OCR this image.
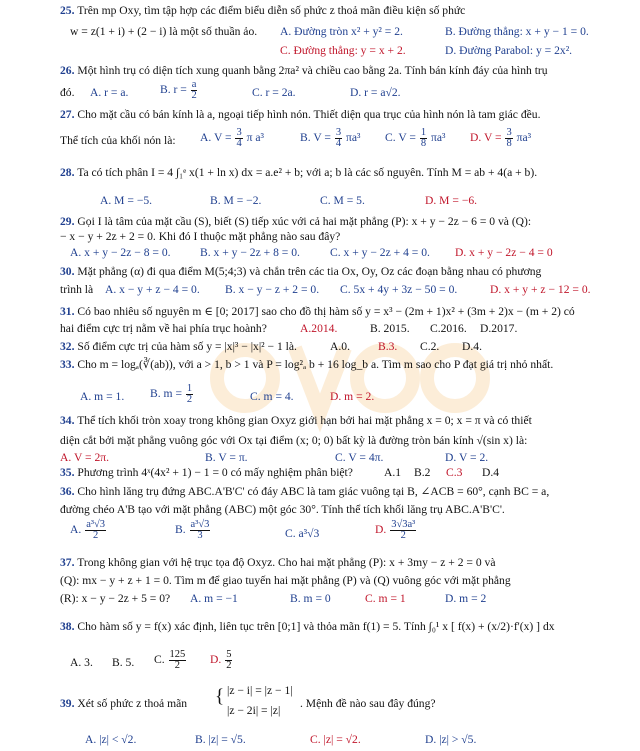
25. Trên mp Oxy, tìm tập hợp các điểm biểu diễn số phức z thoả mãn điều kiện số phức
w = z(1 + i) + (2 − i) là một số thuần ảo.	A. Đường tròn x² + y² = 2.	B. Đường thẳng: x + y − 1 = 0.
C. Đường thẳng: y = x + 2.	D. Đường Parabol: y = 2x².
26. Một hình trụ có diện tích xung quanh bằng 2πa² và chiều cao bằng 2a. Tính bán kính đáy của hình trụ
đó. A. r = a.	B. $r = \frac{a}{2}$	C. r = 2a.	D. r = a√2.
27. Cho mặt cầu có bán kính là a, ngoại tiếp hình nón. Thiết diện qua trục của hình nón là tam giác đều.
Thể tích của khối nón là: A. $V = \frac{3}{4}$ π a³	B. $V = \frac{3}{4} \pi a^3$ C. $V = \frac{1}{8} \pi a^3$ D. $V = \frac{3}{8} \pi a^3$
28. Ta có tích phân I = 4 ∫₁ᵉ x(1 + ln x) dx = a.e² + b; với a; b là các số nguyên. Tính M = ab + 4(a + b).
A. M = −5.	B. M = −2.	C. M = 5.	D. M = −6.
29. Gọi I là tâm của mặt cầu (S), biết (S) tiếp xúc với cả hai mặt phẳng (P): x + y − 2z − 6 = 0 và (Q):
− x − y + 2z + 2 = 0. Khi đó I thuộc mặt phẳng nào sau đây?
A. x + y − 2z − 8 = 0.	B. x + y − 2z + 8 = 0.	C. x + y − 2z + 4 = 0. D. x + y − 2z − 4 = 0
30. Mặt phẳng (α) đi qua điểm M(5;4;3) và chắn trên các tia Ox, Oy, Oz các đoạn bằng nhau có phương
trình là A. x − y + z − 4 = 0. B. x − y − z + 2 = 0. C. 5x + 4y + 3z − 50 = 0.	D. x + y + z − 12 = 0.
31. Có bao nhiêu số nguyên m ∈ [0; 2017] sao cho đồ thị hàm số y = x³ − (2m + 1)x² + (3m + 2)x − (m + 2) có
hai điểm cực trị nằm về hai phía trục hoành?	A.2014.	B. 2015. C.2016. D.2017.
32. Số điểm cực trị của hàm số y = |x|³ − |x|² − 1 là.	A.0. B.3. C.2. D.4.
33. Cho m = logₐ(∛(ab)), với a > 1, b > 1 và P = log²ₐ b + 16 log_b a. Tìm m sao cho P đạt giá trị nhỏ nhất.
A. m = 1. B. $m = \frac{1}{2}$	C. m = 4.	D. m = 2.
34. Thể tích khối tròn xoay trong không gian Oxyz giới hạn bởi hai mặt phẳng x = 0; x = π và có thiết
diện cắt bởi mặt phẳng vuông góc với Ox tại điểm (x; 0; 0) bất kỳ là đường tròn bán kính √(sin x) là:
A. V = 2π.	B. V = π.	C. V = 4π.	D. V = 2.
35. Phương trình 4ˣ(4x² + 1) − 1 = 0 có mấy nghiệm phân biệt?	A.1 B.2 C.3 D.4
36. Cho hình lăng trụ đứng ABC.A'B'C' có đáy ABC là tam giác vuông tại B, ∠ACB = 60°, cạnh BC = a,
đường chéo A'B tạo với mặt phẳng (ABC) một góc 30°. Tính thể tích khối lăng trụ ABC.A'B'C'.
A. $\frac{\text{a³√3}}{2}$	B. $\frac{\text{a³√3}}{3}$	C. a³√3	D. $\frac{\text{3√3a³}}{2}$
37. Trong không gian với hệ trục tọa độ Oxyz. Cho hai mặt phẳng (P): x + 3my − z + 2 = 0 và
(Q): mx − y + z + 1 = 0. Tìm m để giao tuyến hai mặt phẳng (P) và (Q) vuông góc với mặt phẳng
(R): x − y − 2z + 5 = 0?	A. m = −1	B. m = 0	C. m = 1	D. m = 2
38. Cho hàm số y = f(x) xác định, liên tục trên [0;1] và thỏa mãn f(1) = 5. Tính ∫₀¹ x [ f(x) + (x/2)·f'(x) ] dx
A. 3. B. 5. C. $\frac{125}{2} D$. $\frac{5}{2}$
39. Xét số phức z thoả mãn	{ |z − i| = |z − 1|
|z − 2i| = |z|
. Mệnh đề nào sau đây đúng?
A. |z| < √2.	B. |z| = √5.	C. |z| = √2.	D. |z| > √5.
